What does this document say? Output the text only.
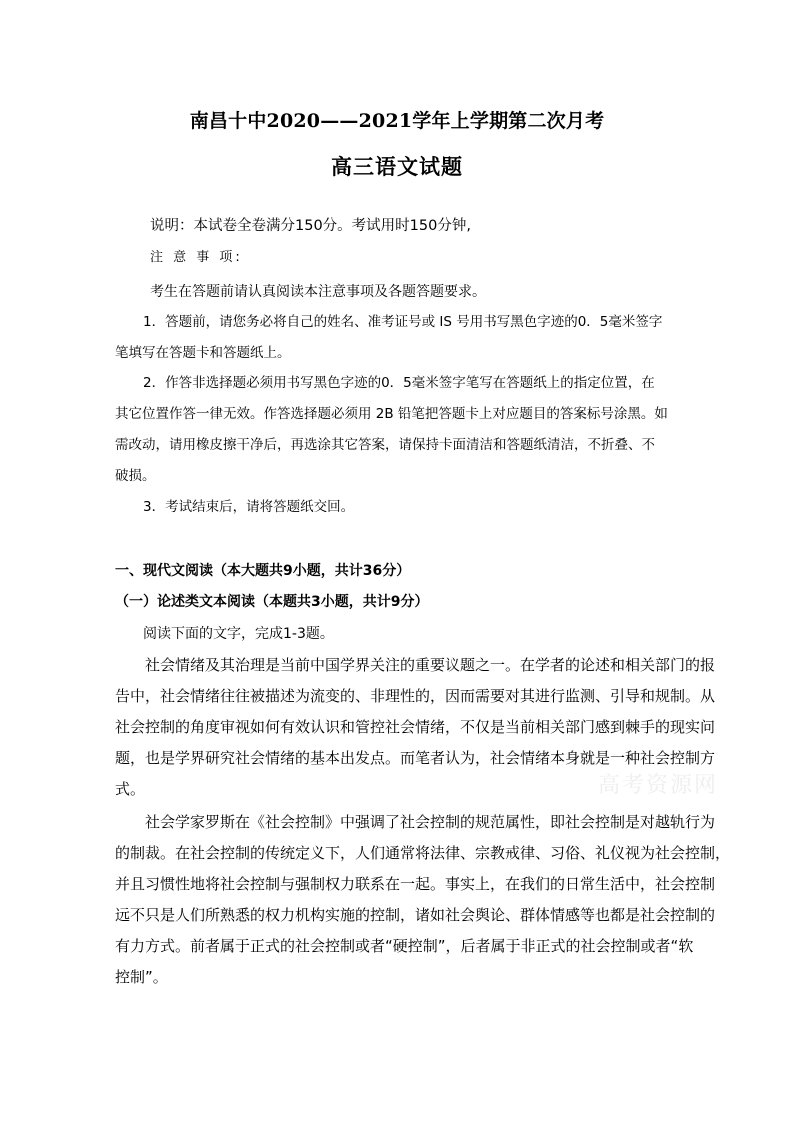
南昌十中2020——2021学年上学期第二次月考
高三语文试题
说明：本试卷全卷满分150分。考试用时150分钟,
注 意 事 项:
考生在答题前请认真阅读本注意事项及各题答题要求。
1．答题前，请您务必将自己的姓名、准考证号或 IS 号用书写黑色字迹的0．5毫米签字
笔填写在答题卡和答题纸上。
2．作答非选择题必须用书写黑色字迹的0．5毫米签字笔写在答题纸上的指定位置，在
其它位置作答一律无效。作答选择题必须用 2B 铅笔把答题卡上对应题目的答案标号涂黑。如
需改动，请用橡皮擦干净后，再选涂其它答案，请保持卡面清洁和答题纸清洁，不折叠、不
破损。
3．考试结束后，请将答题纸交回。
一、现代文阅读（本大题共9小题，共计36分）
（一）论述类文本阅读（本题共3小题，共计9分）
阅读下面的文字，完成1-3题。
社会情绪及其治理是当前中国学界关注的重要议题之一。在学者的论述和相关部门的报
告中，社会情绪往往被描述为流变的、非理性的，因而需要对其进行监测、引导和规制。从
社会控制的角度审视如何有效认识和管控社会情绪，不仅是当前相关部门感到棘手的现实问
题，也是学界研究社会情绪的基本出发点。而笔者认为，社会情绪本身就是一种社会控制方
式。
社会学家罗斯在《社会控制》中强调了社会控制的规范属性，即社会控制是对越轨行为
的制裁。在社会控制的传统定义下，人们通常将法律、宗教戒律、习俗、礼仪视为社会控制，
并且习惯性地将社会控制与强制权力联系在一起。事实上，在我们的日常生活中，社会控制
远不只是人们所熟悉的权力机构实施的控制，诸如社会舆论、群体情感等也都是社会控制的
有力方式。前者属于正式的社会控制或者“硬控制”，后者属于非正式的社会控制或者“软
控制”。
高考资源网
